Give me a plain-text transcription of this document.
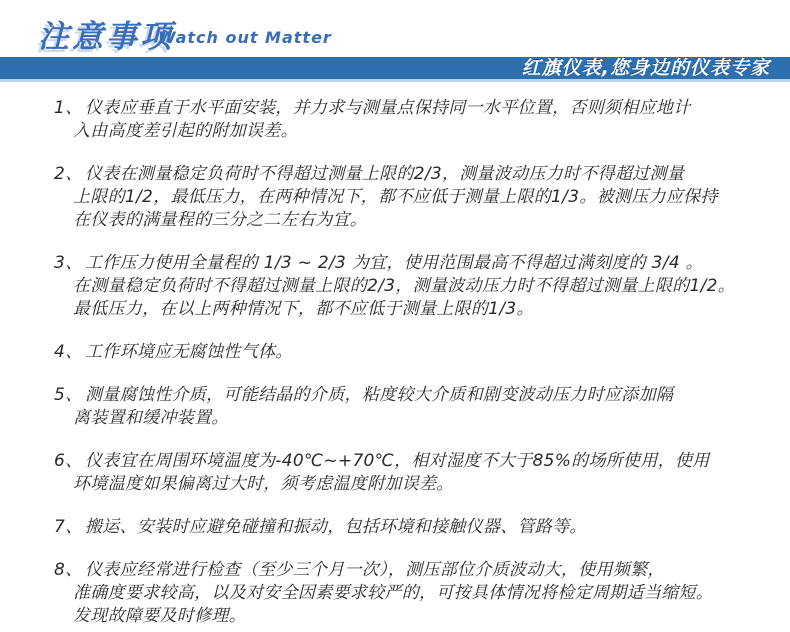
注意事项
Watch out Matter
红旗仪表,您身边的仪表专家
1、 仪表应垂直于水平面安装，并力求与测量点保持同一水平位置，否则须相应地计
入由高度差引起的附加误差。
2、 仪表在测量稳定负荷时不得超过测量上限的2/3，测量波动压力时不得超过测量
上限的1/2，最低压力，在两种情况下，都不应低于测量上限的1/3。被测压力应保持
在仪表的满量程的三分之二左右为宜。
3、 工作压力使用全量程的 1/3 ~ 2/3 为宜，使用范围最高不得超过满刻度的 3/4 。
在测量稳定负荷时不得超过测量上限的2/3，测量波动压力时不得超过测量上限的1/2。
最低压力，在以上两种情况下，都不应低于测量上限的1/3。
4、 工作环境应无腐蚀性气体。
5、 测量腐蚀性介质，可能结晶的介质，粘度较大介质和剧变波动压力时应添加隔
离装置和缓冲装置。
6、 仪表宜在周围环境温度为-40℃~+70℃，相对湿度不大于85%的场所使用，使用
环境温度如果偏离过大时，须考虑温度附加误差。
7、 搬运、安装时应避免碰撞和振动，包括环境和接触仪器、管路等。
8、 仪表应经常进行检查（至少三个月一次），测压部位介质波动大，使用频繁，
准确度要求较高，以及对安全因素要求较严的，可按具体情况将检定周期适当缩短。
发现故障要及时修理。
